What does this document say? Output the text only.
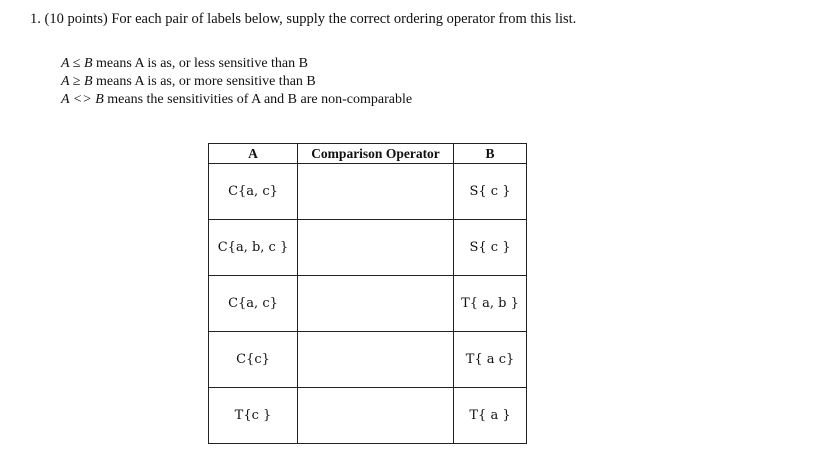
1. (10 points) For each pair of labels below, supply the correct ordering operator from this list.
A ≤ B means A is as, or less sensitive than B
A ≥ B means A is as, or more sensitive than B
A <> B means the sensitivities of A and B are non-comparable
A	Comparison Operator	B
C{a, c}		S{ c }
C{a, b, c }		S{ c }
C{a, c}		T{ a, b }
C{c}		T{ a c}
T{c }		T{ a }
